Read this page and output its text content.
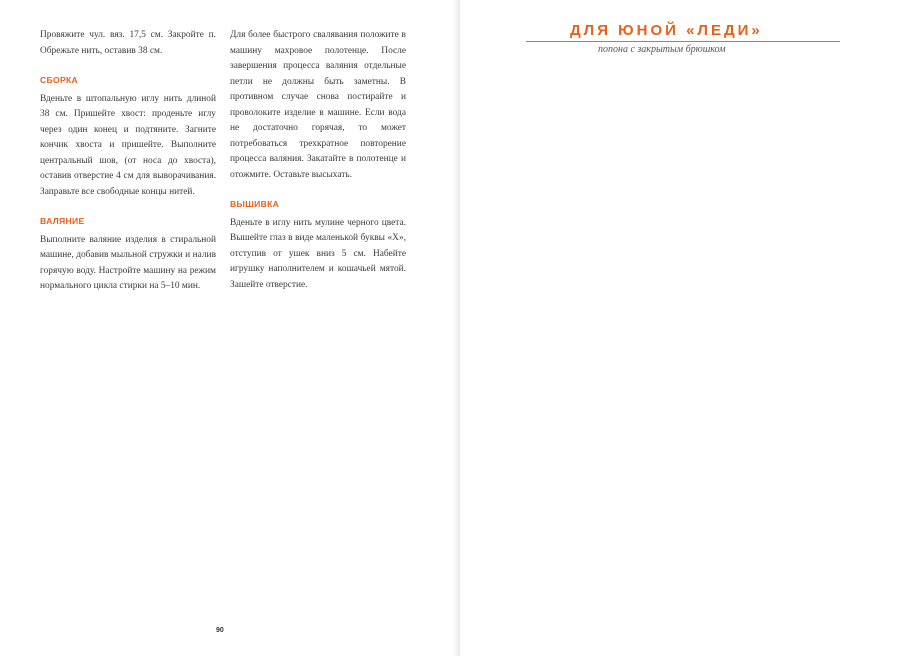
Провяжите чул. вяз. 17,5 см. Закройте п. Обрежьте нить, оставив 38 см.

СБОРКА

Вденьте в штопальную иглу нить длиной 38 см. Пришейте хвост: проденьте иглу через один конец и подтяните. Загните кончик хвоста и пришейте. Выполните центральный шов, (от носа до хвоста), оставив отверстие 4 см для выворачивания. Заправьте все свободные концы нитей.

ВАЛЯНИЕ

Выполните валяние изделия в стиральной машине, добавив мыльной стружки и налив горячую воду. Настройте машину на режим нормального цикла стирки на 5–10 мин.

Для более быстрого свалявания положите в машину махровое полотенце. После завершения процесса валяния отдельные петли не должны быть заметны. В противном случае снова постирайте и проволоките изделие в машине. Если вода не достаточно горячая, то может потребоваться трехкратное повторение процесса валяния. Закатайте в полотенце и отожмите. Оставьте высыхать.

ВЫШИВКА

Вденьте в иглу нить мулине черного цвета. Вышейте глаз в виде маленькой буквы «X», отступив от ушек вниз 5 см. Набейте игрушку наполнителем и кошачьей мятой. Зашейте отверстие.

90
ДЛЯ ЮНОЙ «ЛЕДИ»
попона с закрытым брюшком
